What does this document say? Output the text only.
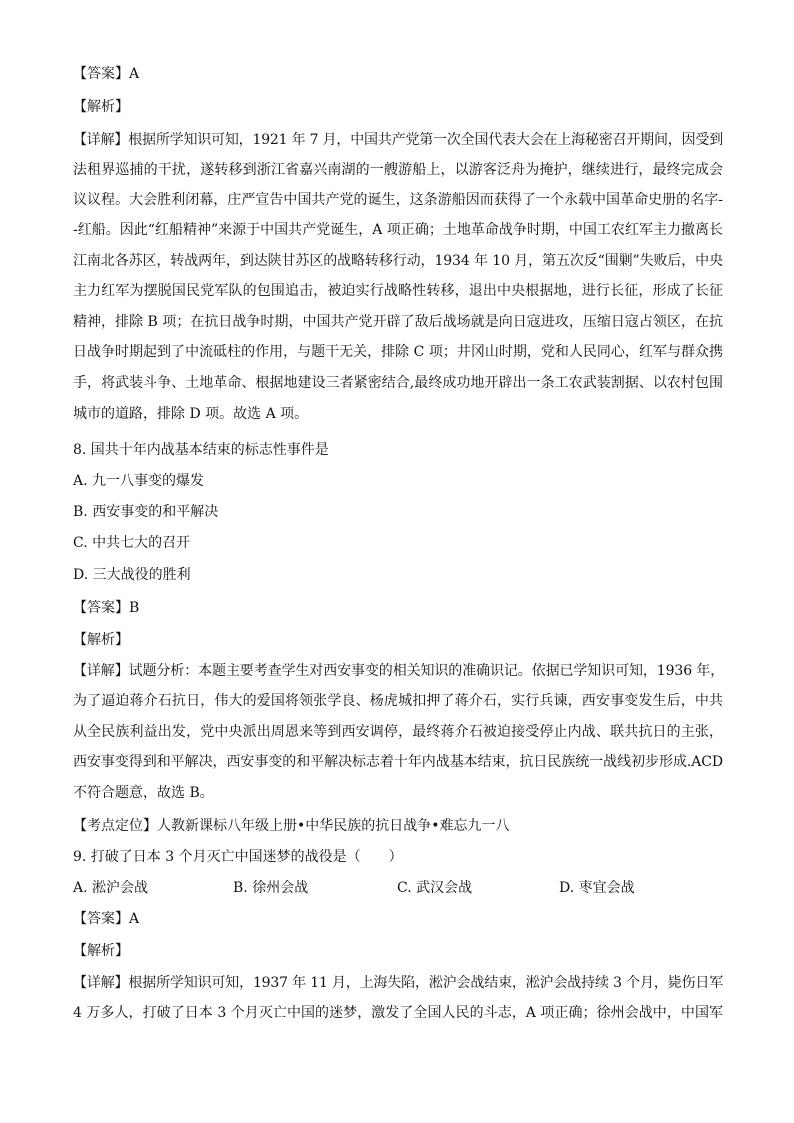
【答案】A
【解析】
【详解】根据所学知识可知，1921 年 7 月，中国共产党第一次全国代表大会在上海秘密召开期间，因受到
法租界巡捕的干扰，遂转移到浙江省嘉兴南湖的一艘游船上，以游客泛舟为掩护，继续进行，最终完成会
议议程。大会胜利闭幕，庄严宣告中国共产党的诞生，这条游船因而获得了一个永载中国革命史册的名字-
-红船。因此“红船精神”来源于中国共产党诞生，A 项正确；土地革命战争时期，中国工农红军主力撤离长
江南北各苏区，转战两年，到达陕甘苏区的战略转移行动，1934 年 10 月，第五次反“围剿”失败后，中央
主力红军为摆脱国民党军队的包围追击，被迫实行战略性转移，退出中央根据地，进行长征，形成了长征
精神，排除 B 项；在抗日战争时期，中国共产党开辟了敌后战场就是向日寇进攻，压缩日寇占领区，在抗
日战争时期起到了中流砥柱的作用，与题干无关，排除 C 项；井冈山时期，党和人民同心，红军与群众携
手，将武装斗争、土地革命、根据地建设三者紧密结合,最终成功地开辟出一条工农武装割据、以农村包围
城市的道路，排除 D 项。故选 A 项。
8. 国共十年内战基本结束的标志性事件是
A. 九一八事变的爆发
B. 西安事变的和平解决
C. 中共七大的召开
D. 三大战役的胜利
【答案】B
【解析】
【详解】试题分析：本题主要考查学生对西安事变的相关知识的准确识记。依据已学知识可知，1936 年，
为了逼迫蒋介石抗日，伟大的爱国将领张学良、杨虎城扣押了蒋介石，实行兵谏，西安事变发生后，中共
从全民族利益出发，党中央派出周恩来等到西安调停，最终蒋介石被迫接受停止内战、联共抗日的主张，
西安事变得到和平解决，西安事变的和平解决标志着十年内战基本结束，抗日民族统一战线初步形成.ACD
不符合题意，故选 B。
【考点定位】人教新课标八年级上册•中华民族的抗日战争•难忘九一八
9. 打破了日本 3 个月灭亡中国迷梦的战役是（　　）
A. 淞沪会战	B. 徐州会战	C. 武汉会战	D. 枣宜会战
【答案】A
【解析】
【详解】根据所学知识可知，1937 年 11 月，上海失陷，淞沪会战结束，淞沪会战持续 3 个月，毙伤日军
4 万多人，打破了日本 3 个月灭亡中国的迷梦，激发了全国人民的斗志，A 项正确；徐州会战中，中国军
